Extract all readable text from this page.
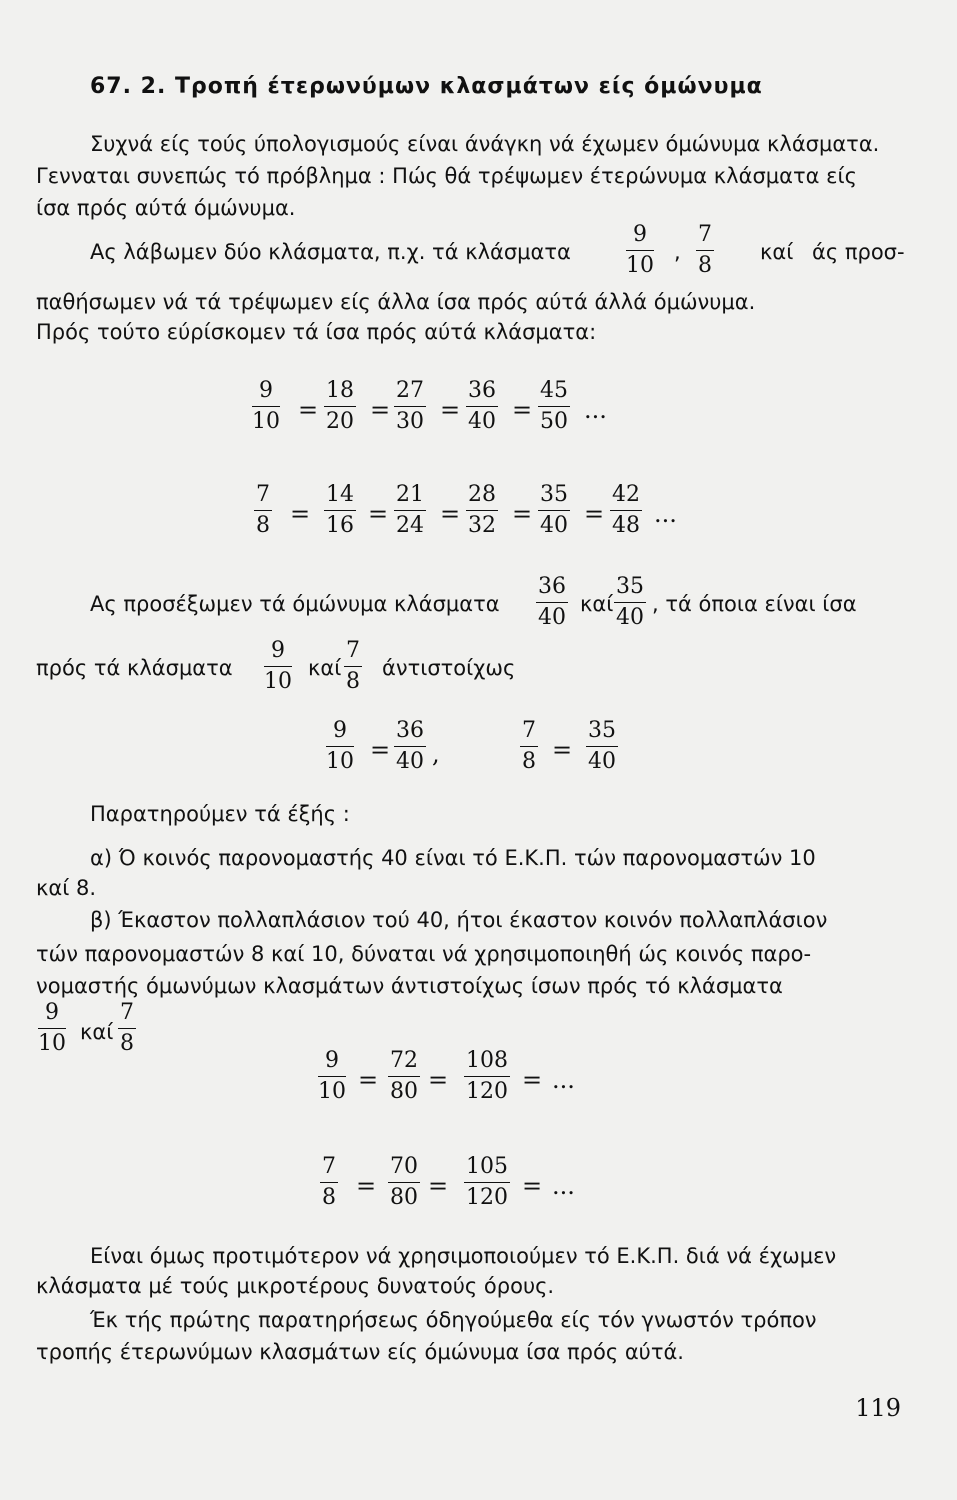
67. 2. Τροπή έτερωνύμων κλασμάτων είς όμώνυμα
Συχνά είς τούς ύπολογισμούς είναι άνάγκη νά έχωμεν όμώνυμα κλάσματα.
Γενναται συνεπώς τό πρόβλημα : Πώς θά τρέψωμεν έτερώνυμα κλάσματα είς
ίσα πρός αύτά όμώνυμα.
Ας λάβωμεν δύο κλάσματα, π.χ. τά κλάσματα	$\frac{9}{10}$ , $\frac{7}{8}$ καί άς προσ-
παθήσωμεν νά τά τρέψωμεν είς άλλα ίσα πρός αύτά άλλά όμώνυμα.
Πρός τούτο εύρίσκομεν τά ίσα πρός αύτά κλάσματα:
$\frac{9}{10} = \frac{18}{20} = \frac{27}{30} = \frac{36}{40} = \frac{45}{50}$ ...
$\frac{7}{8} = \frac{14}{16} = \frac{21}{24} = \frac{28}{32} = \frac{35}{40} = \frac{42}{48}$ ...
Ας προσέξωμεν τά όμώνυμα κλάσματα $\frac{36}{40}$ καί $\frac{35}{40}$ , τά όποια είναι ίσα
πρός τά κλάσματα $\frac{9}{10}$ καί $\frac{7}{8}$ άντιστοίχως
$\frac{9}{10} = \frac{36}{40}$ ,	$\frac{7}{8} = \frac{35}{40}$
Παρατηρούμεν τά έξής :
α) Ό κοινός παρονομαστής 40 είναι τό Ε.Κ.Π. τών παρονομαστών 10
καί 8.
β) Έκαστον πολλαπλάσιον τού 40, ήτοι έκαστον κοινόν πολλαπλάσιον
τών παρονομαστών 8 καί 10, δύναται νά χρησιμοποιηθή ώς κοινός παρο-
νομαστής όμωνύμων κλασμάτων άντιστοίχως ίσων πρός τό κλάσματα
$\frac{9}{10}$ καί $\frac{7}{8}$
$\frac{9}{10} = \frac{72}{80} = \frac{108}{120}$ = ...
$\frac{7}{8} = \frac{70}{80} = \frac{105}{120}$ = ...
Είναι όμως προτιμότερον νά χρησιμοποιούμεν τό Ε.Κ.Π. διά νά έχωμεν
κλάσματα μέ τούς μικροτέρους δυνατούς όρους.
Έκ τής πρώτης παρατηρήσεως όδηγούμεθα είς τόν γνωστόν τρόπον
τροπής έτερωνύμων κλασμάτων είς όμώνυμα ίσα πρός αύτά.
119
